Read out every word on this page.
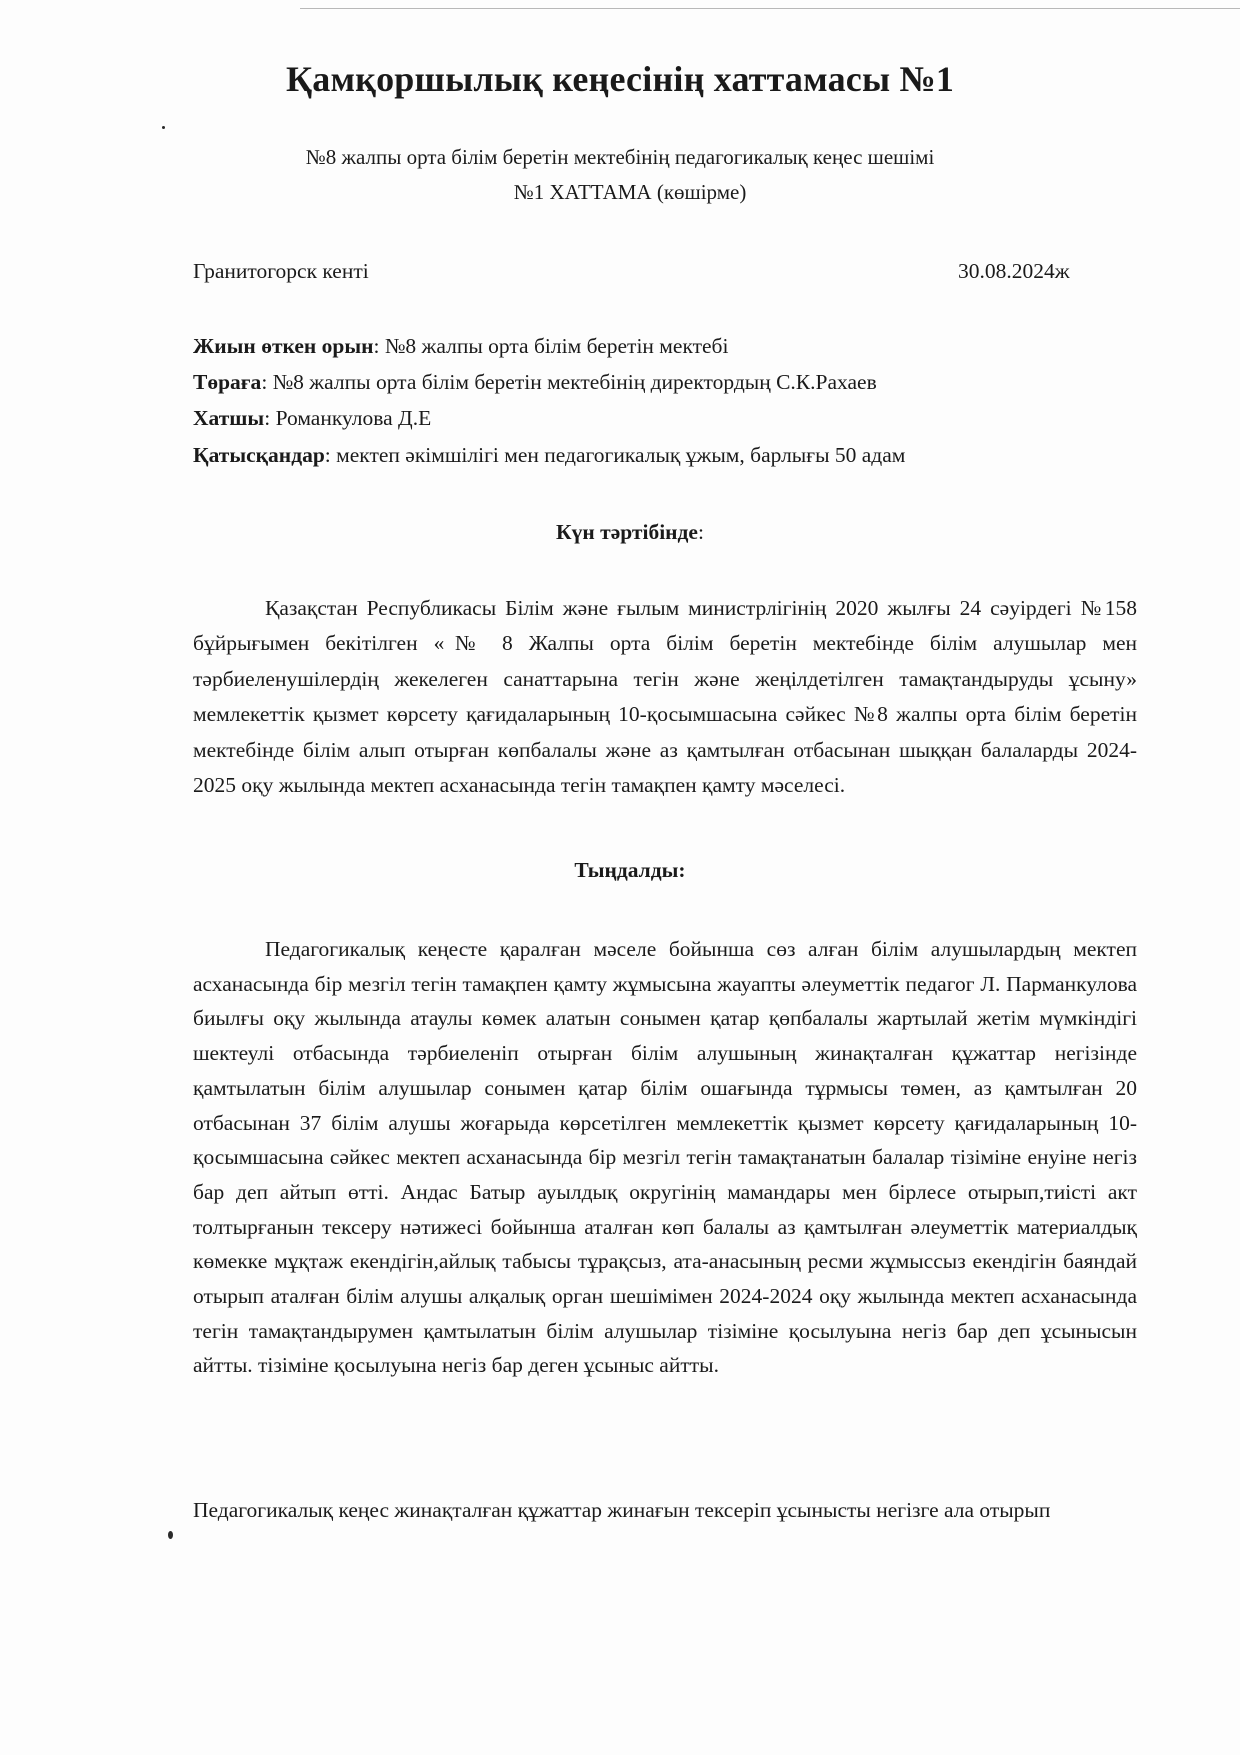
Қамқоршылық кеңесінің хаттамасы №1
№8 жалпы орта білім беретін мектебінің педагогикалық кеңес шешімі
№1 ХАТТАМА (көшірме)
Гранитогорск кенті	30.08.2024ж
Жиын өткен орын: №8 жалпы орта білім беретін мектебі
Төраға: №8 жалпы орта білім беретін мектебінің директордың С.К.Рахаев
Хатшы: Романкулова Д.Е
Қатысқандар: мектеп әкімшілігі мен педагогикалық ұжым, барлығы 50 адам
Күн тәртібінде:
Қазақстан Республикасы Білім және ғылым министрлігінің 2020 жылғы 24 сәуірдегі №158 бұйрығымен бекітілген «№ 8 Жалпы орта білім беретін мектебінде білім алушылар мен тәрбиеленушілердің жекелеген санаттарына тегін және жеңілдетілген тамақтандыруды ұсыну» мемлекеттік қызмет көрсету қағидаларының 10-қосымшасына сәйкес №8 жалпы орта білім беретін мектебінде білім алып отырған көпбалалы және аз қамтылған отбасынан шыққан балаларды 2024-2025 оқу жылында мектеп асханасында тегін тамақпен қамту мәселесі.
Тыңдалды:
Педагогикалық кеңесте қаралған мәселе бойынша сөз алған білім алушылардың мектеп асханасында бір мезгіл тегін тамақпен қамту жұмысына жауапты әлеуметтік педагог Л. Парманкулова биылғы оқу жылында атаулы көмек алатын сонымен қатар қөпбалалы жартылай жетім мүмкіндігі шектеулі отбасында тәрбиеленіп отырған білім алушының жинақталған құжаттар негізінде қамтылатын білім алушылар сонымен қатар білім ошағында тұрмысы төмен, аз қамтылған 20 отбасынан 37 білім алушы жоғарыда көрсетілген мемлекеттік қызмет көрсету қағидаларының 10-қосымшасына сәйкес мектеп асханасында бір мезгіл тегін тамақтанатын балалар тізіміне енуіне негіз бар деп айтып өтті. Андас Батыр ауылдық округінің мамандары мен бірлесе отырып,тиісті акт толтырғанын тексеру нәтижесі бойынша аталған көп балалы аз қамтылған әлеуметтік материалдық көмекке мұқтаж екендігін,айлық табысы тұрақсыз, ата-анасының ресми жұмыссыз екендігін баяндай отырып аталған білім алушы алқалық орган шешімімен 2024-2024 оқу жылында мектеп асханасында тегін тамақтандырумен қамтылатын білім алушылар тізіміне қосылуына негіз бар деп ұсынысын айтты. тізіміне қосылуына негіз бар деген ұсыныс айтты.
Педагогикалық кеңес жинақталған құжаттар жинағын тексеріп ұсынысты негізге ала отырып
